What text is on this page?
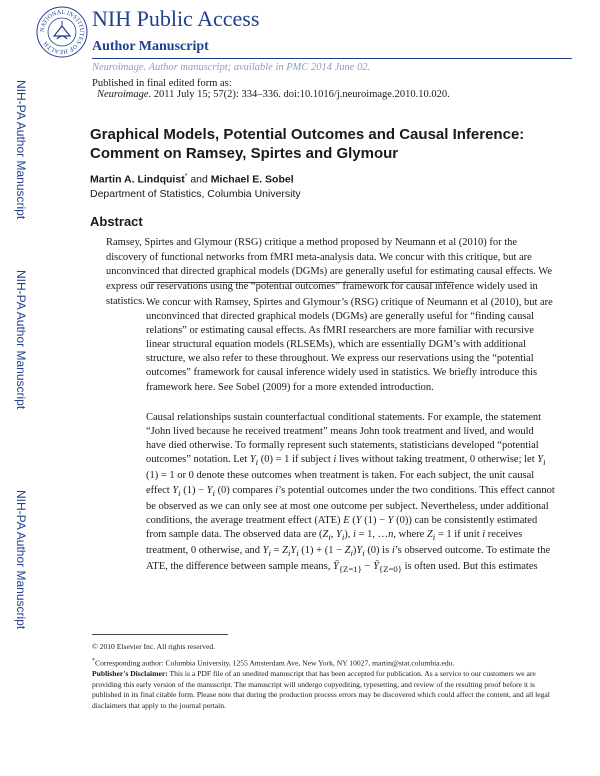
NATIONAL INSTITUTES OF HEALTH
NIH Public Access
Author Manuscript
Neuroimage. Author manuscript; available in PMC 2014 June 02.
Published in final edited form as:
Neuroimage. 2011 July 15; 57(2): 334–336. doi:10.1016/j.neuroimage.2010.10.020.
NIH-PA Author Manuscript
NIH-PA Author Manuscript
NIH-PA Author Manuscript
Graphical Models, Potential Outcomes and Causal Inference: Comment on Ramsey, Spirtes and Glymour
Martin A. Lindquist* and Michael E. Sobel
Department of Statistics, Columbia University
Abstract
Ramsey, Spirtes and Glymour (RSG) critique a method proposed by Neumann et al (2010) for the discovery of functional networks from fMRI meta-analysis data. We concur with this critique, but are unconvinced that directed graphical models (DGMs) are generally useful for estimating causal effects. We express our reservations using the “potential outcomes” framework for causal inference widely used in statistics. We concur with Ramsey, Spirtes and Glymour’s (RSG) critique of Neumann et al (2010), but are unconvinced that directed graphical models (DGMs) are generally useful for “finding causal relations” or estimating causal effects. As fMRI researchers are more familiar with recursive linear structural equation models (RLSEMs), which are essentially DGM’s with additional structure, we also refer to these throughout. We express our reservations using the “potential outcomes” framework for causal inference widely used in statistics. We briefly introduce this framework here. See Sobel (2009) for a more extended introduction.
Causal relationships sustain counterfactual conditional statements. For example, the statement “John lived because he received treatment” means John took treatment and lived, and would have died otherwise. To formally represent such statements, statisticians developed “potential outcomes” notation. Let $Y_i$ (0) = 1 if subject i lives without taking treatment, 0 otherwise; let $Y_i$ (1) = 1 or 0 denote these outcomes when treatment is taken. For each subject, the unit causal effect $Y_i$ $(1) - Y_i$ (0) compares i’s potential outcomes under the two conditions. This effect cannot be observed as we can only see at most one outcome per subject. Nevertheless, under additional conditions, the average treatment effect (ATE) E (Y (1) − Y (0)) can be consistently estimated from sample data. The observed data are ($Z_i$, $Y_i$), i = 1, …n, where $Z_i = 1$ if unit i receives treatment, 0 otherwise, and $Y_i = Z_iY_i$ $(1) + (1 - Z_i)Y_i$ (0) is i’s observed outcome. To estimate the ATE, the difference between sample means, $Ȳ_{\{Z=1\}}$ − $Ȳ_{\{Z=0\}}$ is often used. But this estimates
© 2010 Elsevier Inc. All rights reserved.
*Corresponding author: Columbia University, 1255 Amsterdam Ave, New York, NY 10027, martin@stat.columbia.edu.
Publisher's Disclaimer: This is a PDF file of an unedited manuscript that has been accepted for publication. As a service to our customers we are providing this early version of the manuscript. The manuscript will undergo copyediting, typesetting, and review of the resulting proof before it is published in its final citable form. Please note that during the production process errors may be discovered which could affect the content, and all legal disclaimers that apply to the journal pertain.
